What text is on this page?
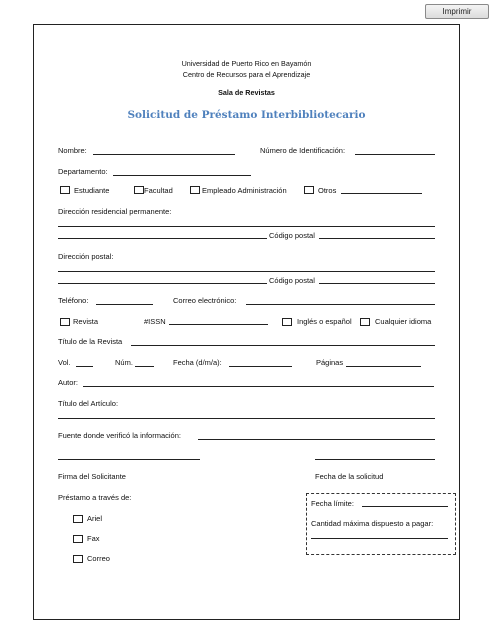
Imprimir
Universidad de Puerto Rico en Bayamón
Centro de Recursos para el Aprendizaje
Sala de Revistas
Solicitud de Préstamo Interbibliotecario
Nombre:	Número de Identificación:
Departamento:
Estudiante	Facultad	Empleado Administración	Otros
Dirección residencial permanente:
Código postal
Dirección postal:
Código postal
Teléfono:	Correo electrónico:
Revista	#ISSN	Inglés o español	Cualquier idioma
Título de la Revista
Vol.	Núm.	Fecha (d/m/a):	Páginas
Autor:
Título del Artículo:
Fuente donde verificó la información:
Firma del Solicitante	Fecha de la solicitud
Préstamo a través de:
Ariel
Fax
Correo
Fecha límite:
Cantidad máxima dispuesto a pagar:
